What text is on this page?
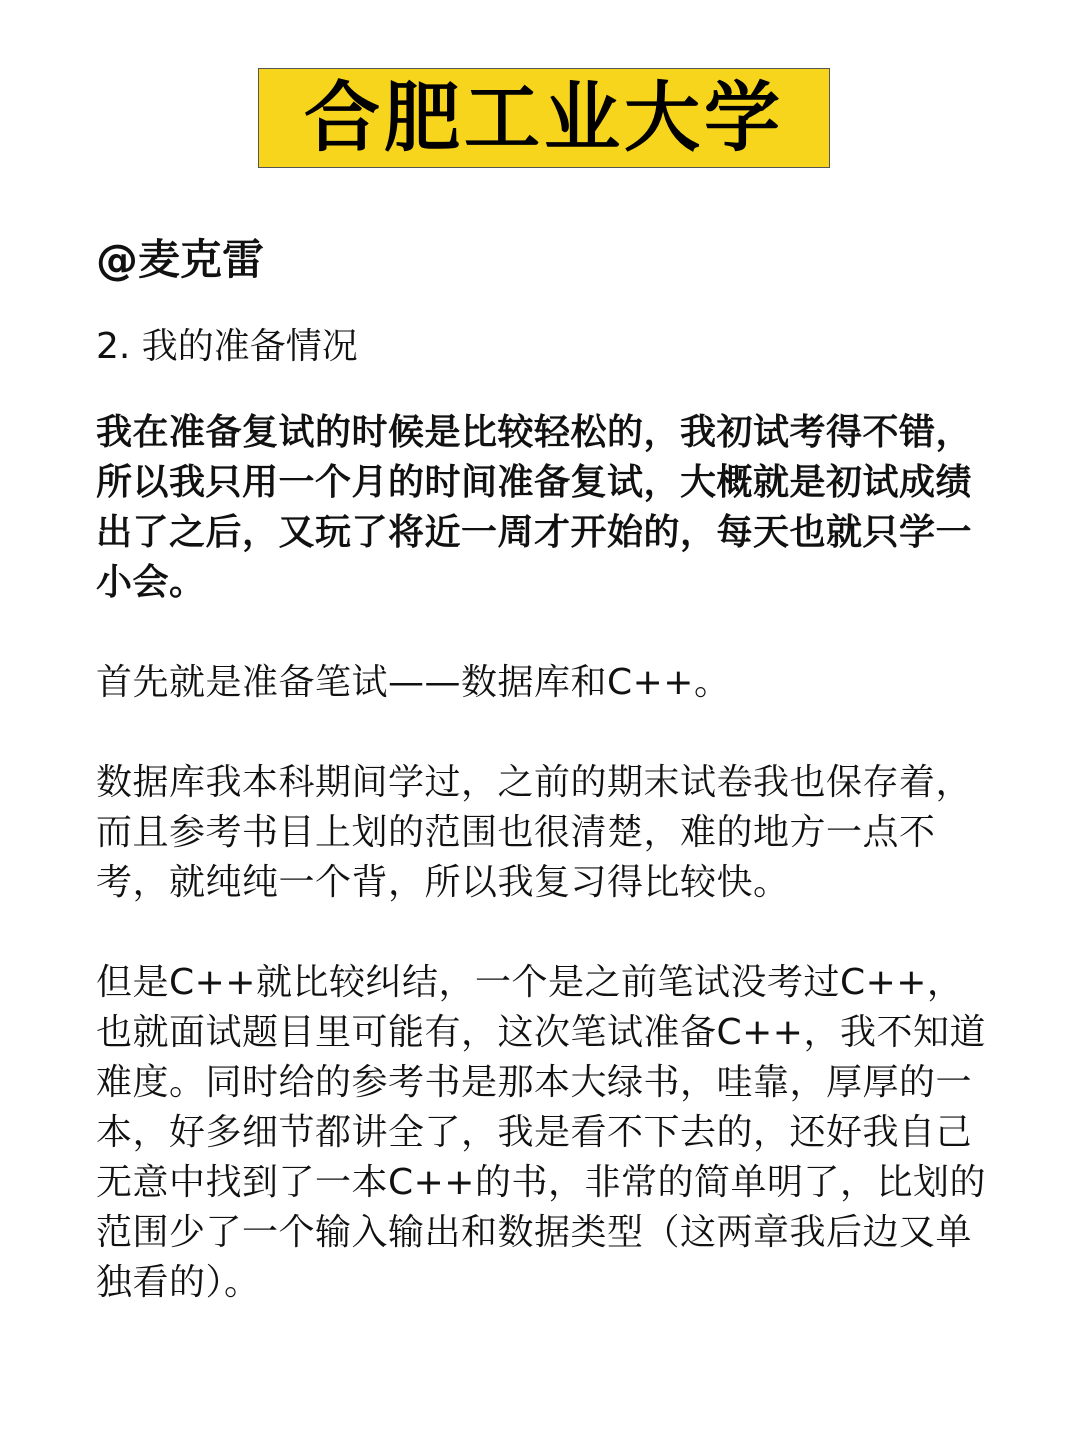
合肥工业大学
@麦克雷
2. 我的准备情况

我在准备复试的时候是比较轻松的，我初试考得不错，所以我只用一个月的时间准备复试，大概就是初试成绩出了之后，又玩了将近一周才开始的，每天也就只学一小会。

首先就是准备笔试——数据库和C++。

数据库我本科期间学过，之前的期末试卷我也保存着，而且参考书目上划的范围也很清楚，难的地方一点不考，就纯纯一个背，所以我复习得比较快。

但是C++就比较纠结，一个是之前笔试没考过C++，也就面试题目里可能有，这次笔试准备C++，我不知道难度。同时给的参考书是那本大绿书，哇靠，厚厚的一本，好多细节都讲全了，我是看不下去的，还好我自己无意中找到了一本C++的书，非常的简单明了，比划的范围少了一个输入输出和数据类型（这两章我后边又单独看的）。
